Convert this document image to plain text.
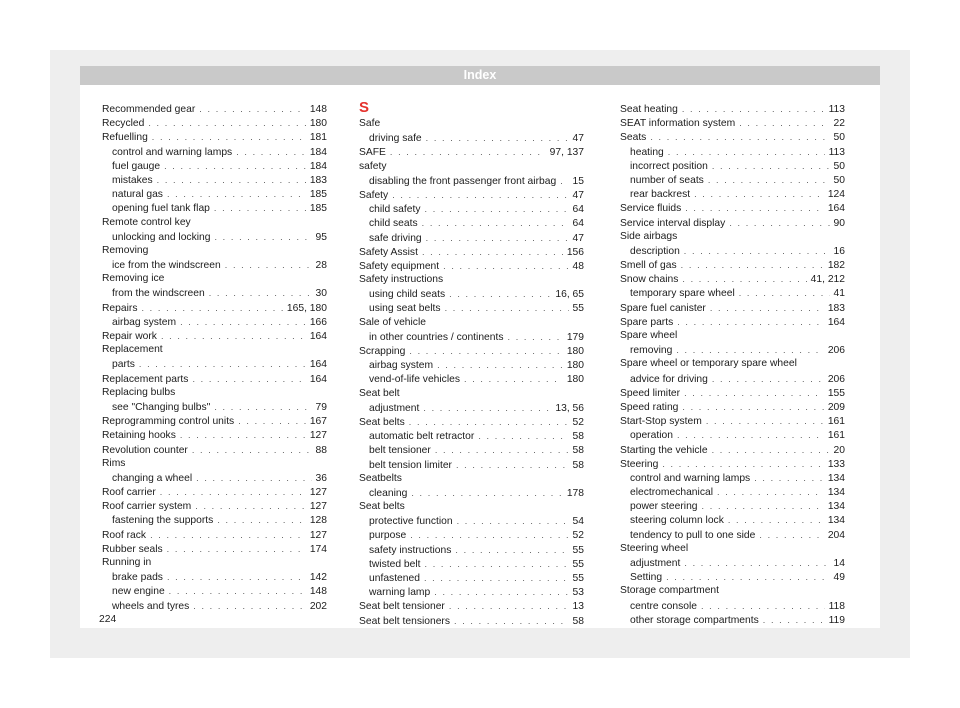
Index
Recommended gear . . .	148
Recycled . . .	180
Refuelling . . .	181
control and warning lamps . . .	184
fuel gauge . . .	184
mistakes . . .	183
natural gas . . .	185
opening fuel tank flap . . .	185
Remote control key
unlocking and locking . . .	95
Removing
ice from the windscreen . . .	28
Removing ice
from the windscreen . . .	30
Repairs . . .	165, 180
airbag system . . .	166
Repair work . . .	164
Replacement
parts . . .	164
Replacement parts . . .	164
Replacing bulbs
see "Changing bulbs" . . .	79
Reprogramming control units . . .	167
Retaining hooks . . .	127
Revolution counter . . .	88
Rims
changing a wheel . . .	36
Roof carrier . . .	127
Roof carrier system . . .	127
fastening the supports . . .	128
Roof rack . . .	127
Rubber seals . . .	174
Running in
brake pads . . .	142
new engine . . .	148
wheels and tyres . . .	202
S
Safe
driving safe . . .	47
SAFE . . .	97, 137
safety
disabling the front passenger front airbag . . . 15
Safety . . .	47
child safety . . .	64
child seats . . .	64
safe driving . . .	47
Safety Assist . . .	156
Safety equipment . . .	48
Safety instructions
using child seats . . .	16, 65
using seat belts . . .	55
Sale of vehicle
in other countries / continents . . .	179
Scrapping . . .	180
airbag system . . .	180
vend-of-life vehicles . . .	180
Seat belt
adjustment . . .	13, 56
Seat belts . . .	52
automatic belt retractor . . .	58
belt tensioner . . .	58
belt tension limiter . . .	58
Seatbelts
cleaning . . .	178
Seat belts
protective function . . .	54
purpose . . .	52
safety instructions . . .	55
twisted belt . . .	55
unfastened . . .	55
warning lamp . . .	53
Seat belt tensioner . . .	13
Seat belt tensioners . . .	58
Seat heating . . .	113
SEAT information system . . .	22
Seats . . .	50
heating . . .	113
incorrect position . . .	50
number of seats . . .	50
rear backrest . . .	124
Service fluids . . .	164
Service interval display . . .	90
Side airbags
description . . .	16
Smell of gas . . .	182
Snow chains . . .	41, 212
temporary spare wheel . . .	41
Spare fuel canister . . .	183
Spare parts . . .	164
Spare wheel
removing . . .	206
Spare wheel or temporary spare wheel
advice for driving . . .	206
Speed limiter . . .	155
Speed rating . . .	209
Start-Stop system . . .	161
operation . . .	161
Starting the vehicle . . .	20
Steering . . .	133
control and warning lamps . . .	134
electromechanical . . .	134
power steering . . .	134
steering column lock . . .	134
tendency to pull to one side . . .	204
Steering wheel
adjustment . . .	14
Setting . . .	49
Storage compartment
centre console . . .	118
other storage compartments . . .	119
224
